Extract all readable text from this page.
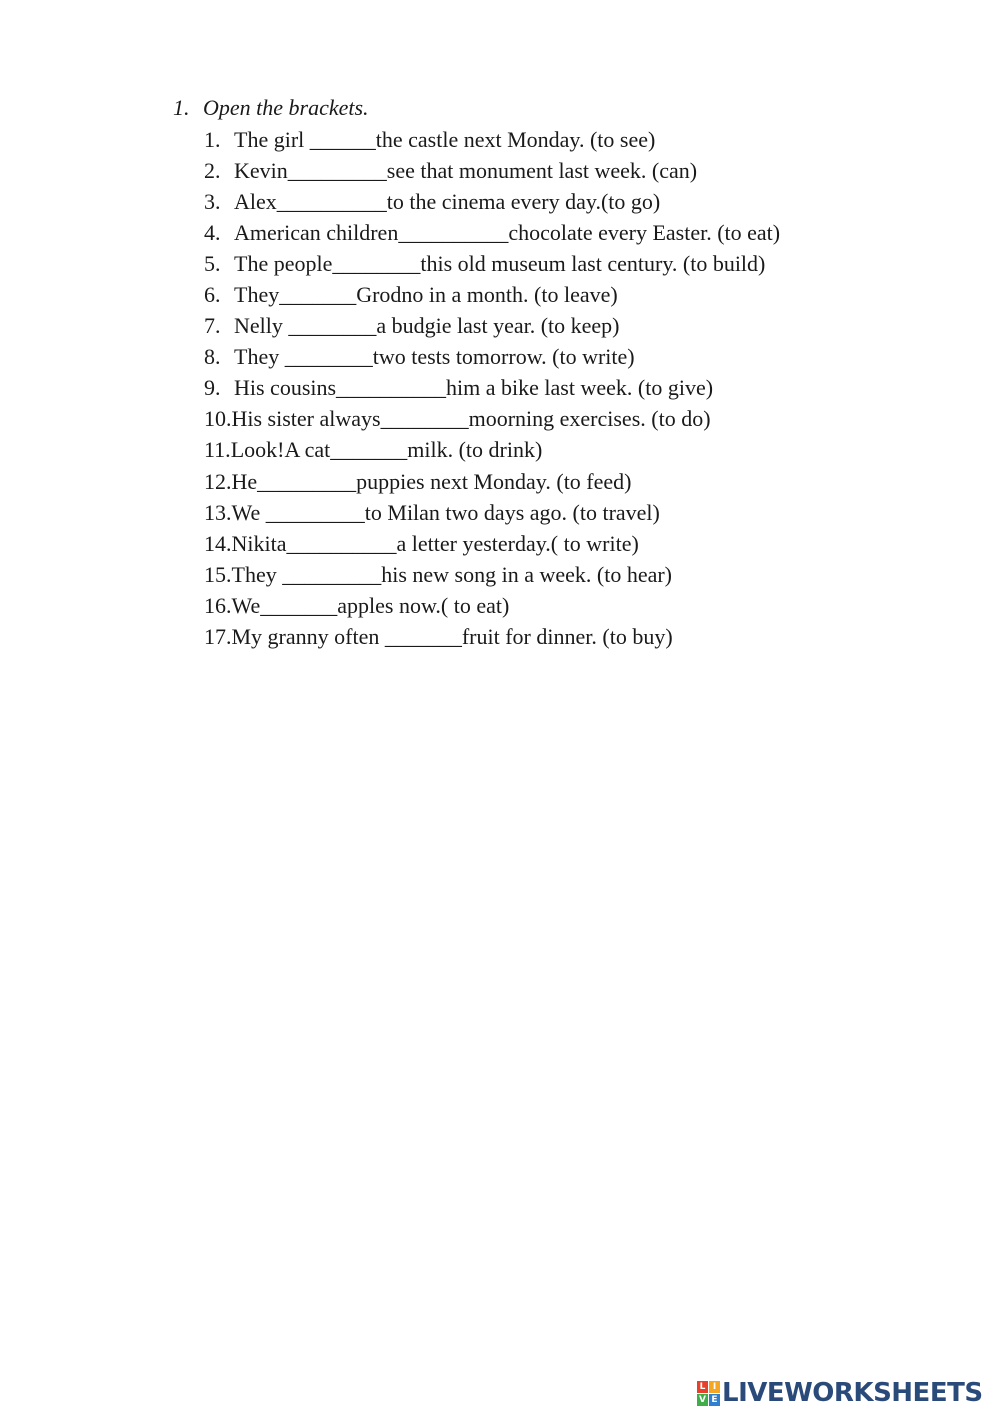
1. Open the brackets.
1. The girl ______the castle next Monday. (to see)
2. Kevin_________see that monument last week. (can)
3. Alex__________to the cinema every day.(to go)
4. American children__________chocolate every Easter. (to eat)
5. The people________this old museum last century. (to build)
6. They_______Grodno in a month. (to leave)
7. Nelly ________a budgie last year. (to keep)
8. They ________two tests tomorrow. (to write)
9. His cousins__________him a bike last week. (to give)
10.His sister always________moorning exercises. (to do)
11.Look!A cat_______milk. (to drink)
12.He_________puppies next Monday. (to feed)
13.We _________to Milan two days ago. (to travel)
14.Nikita__________a letter yesterday.( to write)
15.They _________his new song in a week. (to hear)
16.We_______apples now.( to eat)
17.My granny often _______fruit for dinner. (to buy)
L I
V E LIVEWORKSHEETS
